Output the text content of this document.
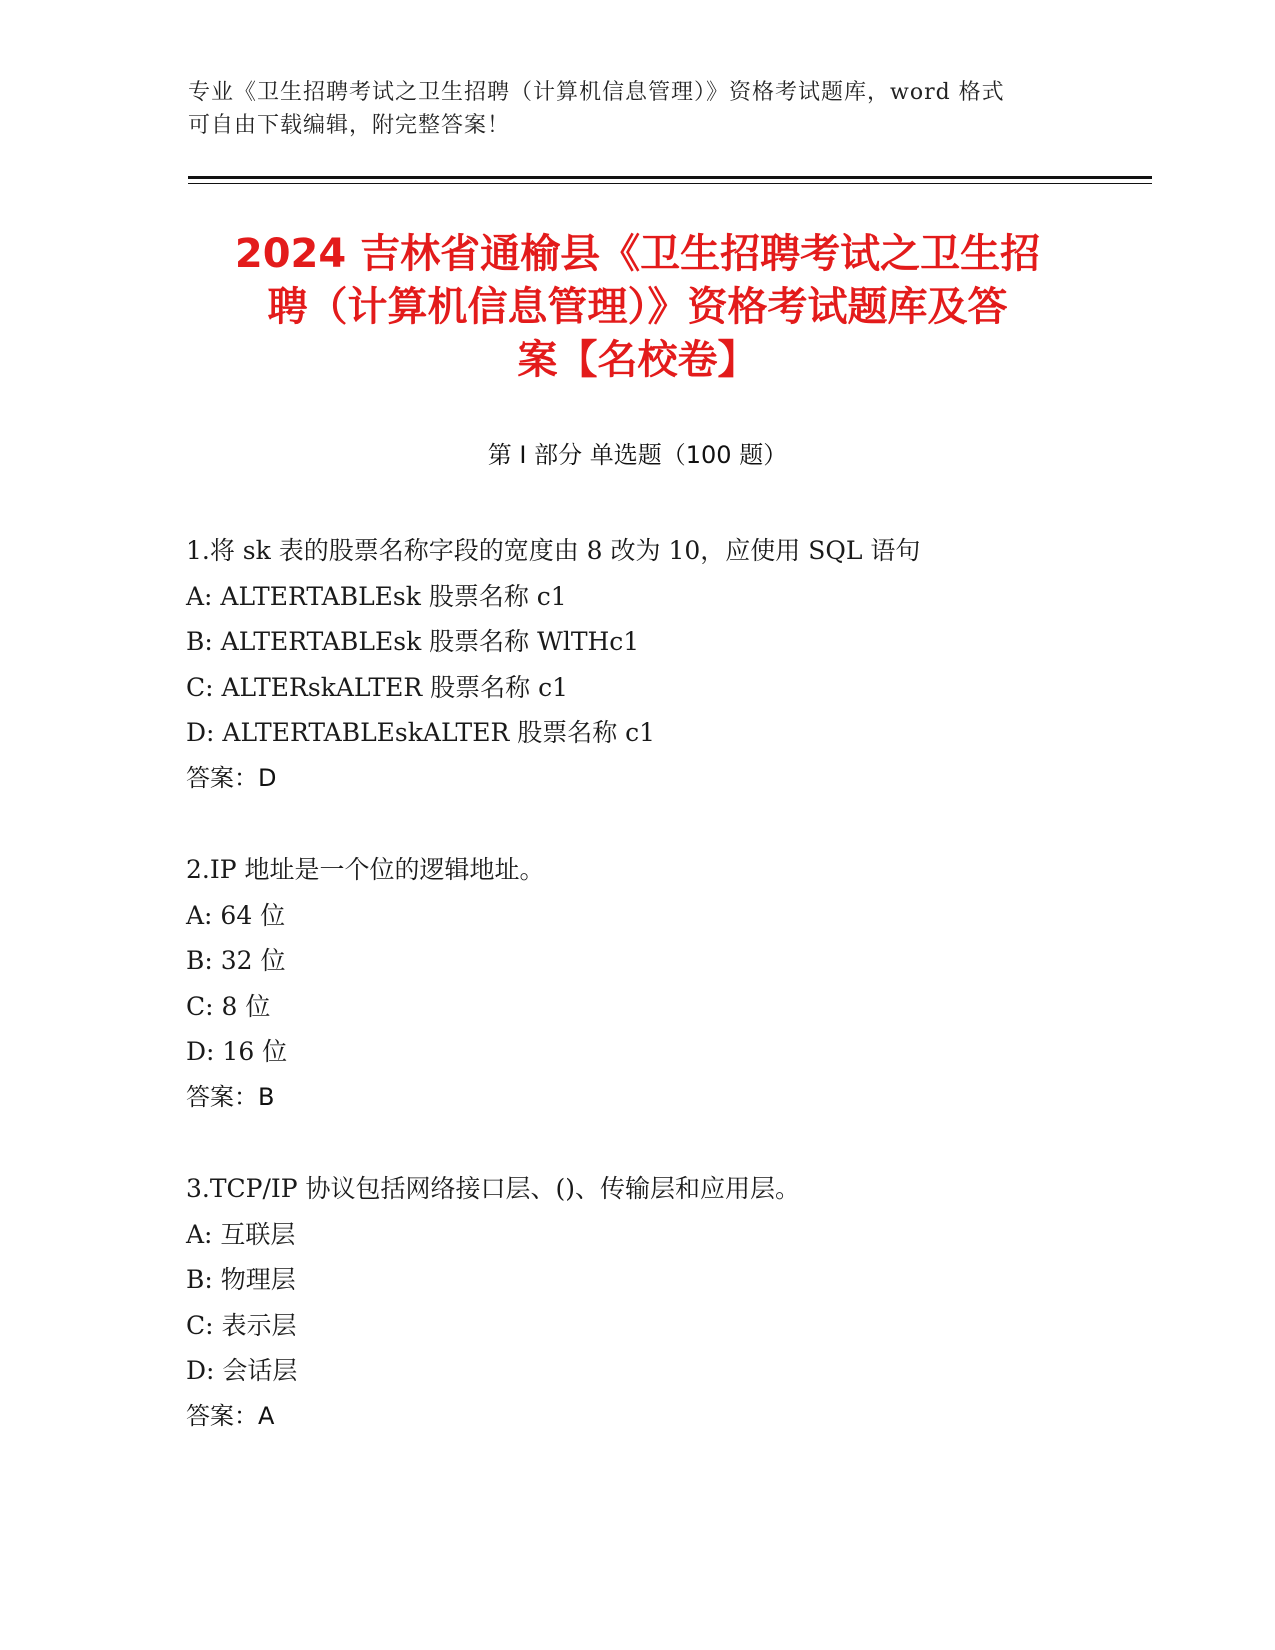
专业《卫生招聘考试之卫生招聘（计算机信息管理）》资格考试题库，word 格式
可自由下载编辑，附完整答案！
2024 吉林省通榆县《卫生招聘考试之卫生招
聘（计算机信息管理）》资格考试题库及答
案【名校卷】
第 I 部分 单选题（100 题）
1.将 sk 表的股票名称字段的宽度由 8 改为 10，应使用 SQL 语句
A: ALTERTABLEsk 股票名称 c1
B: ALTERTABLEsk 股票名称 WlTHc1
C: ALTERskALTER 股票名称 c1
D: ALTERTABLEskALTER 股票名称 c1
答案：D
2.IP 地址是一个位的逻辑地址。
A: 64 位
B: 32 位
C: 8 位
D: 16 位
答案：B
3.TCP/IP 协议包括网络接口层、()、传输层和应用层。
A: 互联层
B: 物理层
C: 表示层
D: 会话层
答案：A
